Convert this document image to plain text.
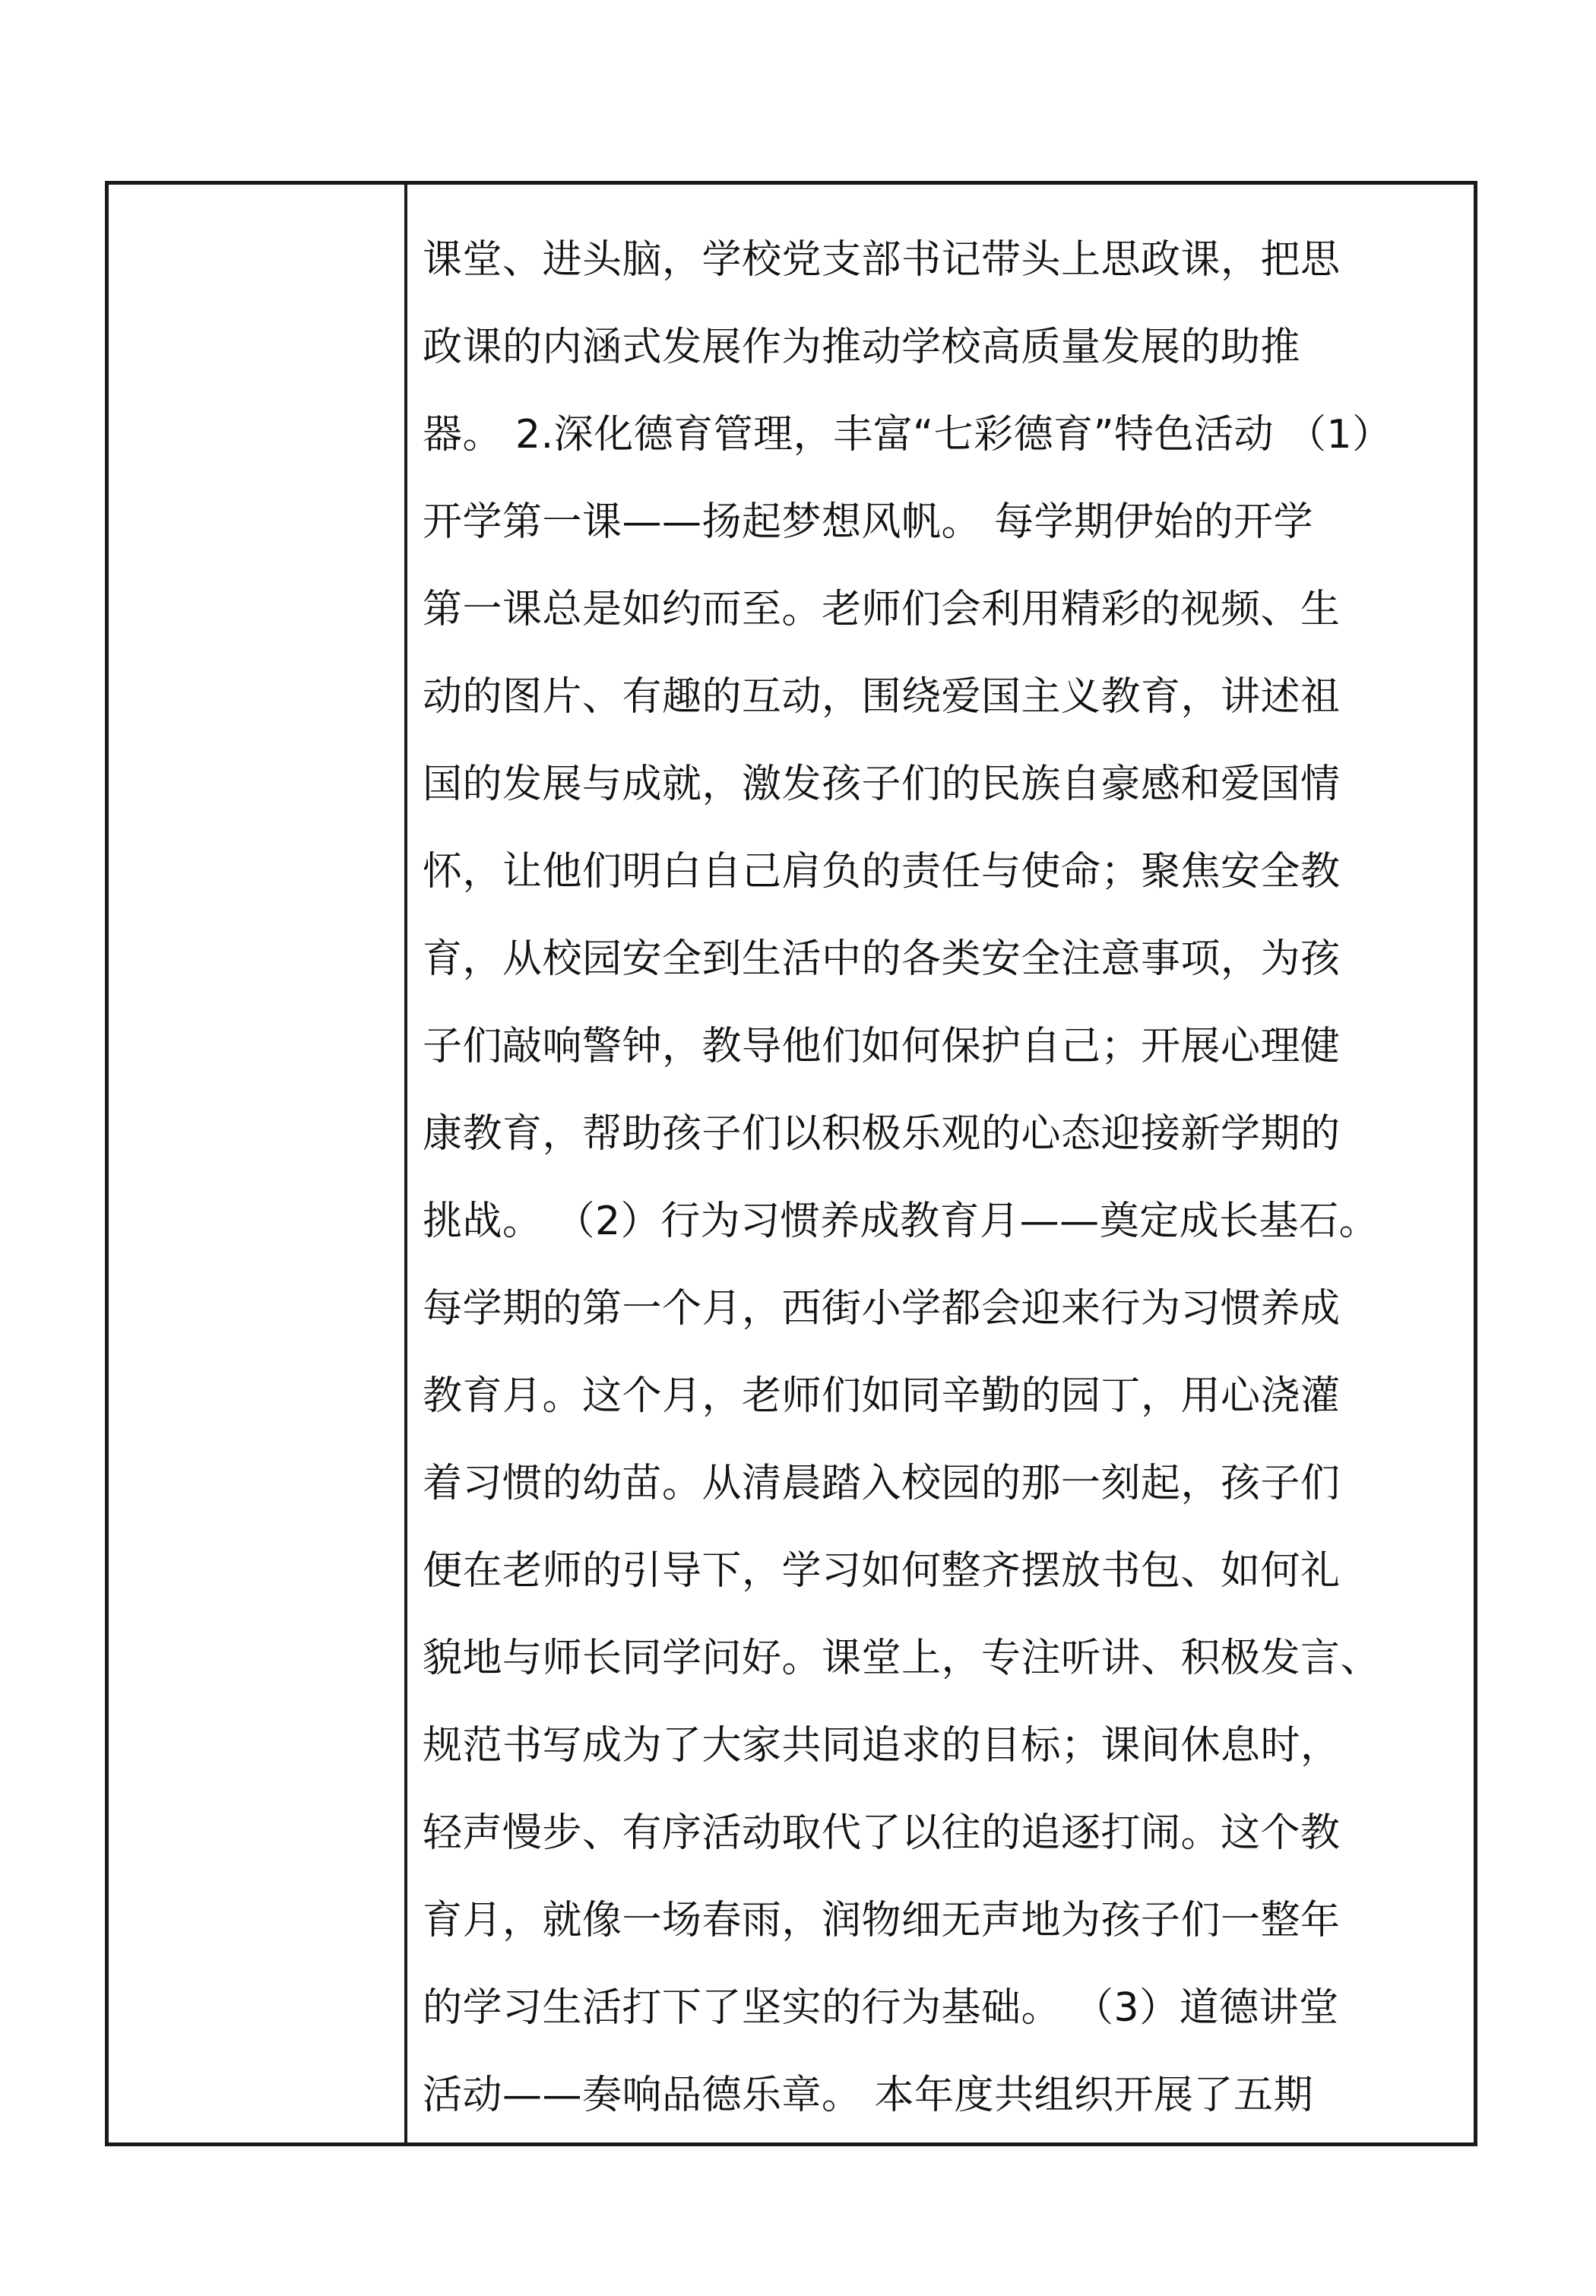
课堂、进头脑，学校党支部书记带头上思政课，把思
政课的内涵式发展作为推动学校高质量发展的助推
器。 2.深化德育管理，丰富“七彩德育”特色活动 （1）
开学第一课——扬起梦想风帆。 每学期伊始的开学
第一课总是如约而至。老师们会利用精彩的视频、生
动的图片、有趣的互动，围绕爱国主义教育，讲述祖
国的发展与成就，激发孩子们的民族自豪感和爱国情
怀，让他们明白自己肩负的责任与使命；聚焦安全教
育，从校园安全到生活中的各类安全注意事项，为孩
子们敲响警钟，教导他们如何保护自己；开展心理健
康教育，帮助孩子们以积极乐观的心态迎接新学期的
挑战。 （2）行为习惯养成教育月——奠定成长基石。
每学期的第一个月，西街小学都会迎来行为习惯养成
教育月。这个月，老师们如同辛勤的园丁，用心浇灌
着习惯的幼苗。从清晨踏入校园的那一刻起，孩子们
便在老师的引导下，学习如何整齐摆放书包、如何礼
貌地与师长同学问好。课堂上，专注听讲、积极发言、
规范书写成为了大家共同追求的目标；课间休息时，
轻声慢步、有序活动取代了以往的追逐打闹。这个教
育月，就像一场春雨，润物细无声地为孩子们一整年
的学习生活打下了坚实的行为基础。 （3）道德讲堂
活动——奏响品德乐章。 本年度共组织开展了五期
